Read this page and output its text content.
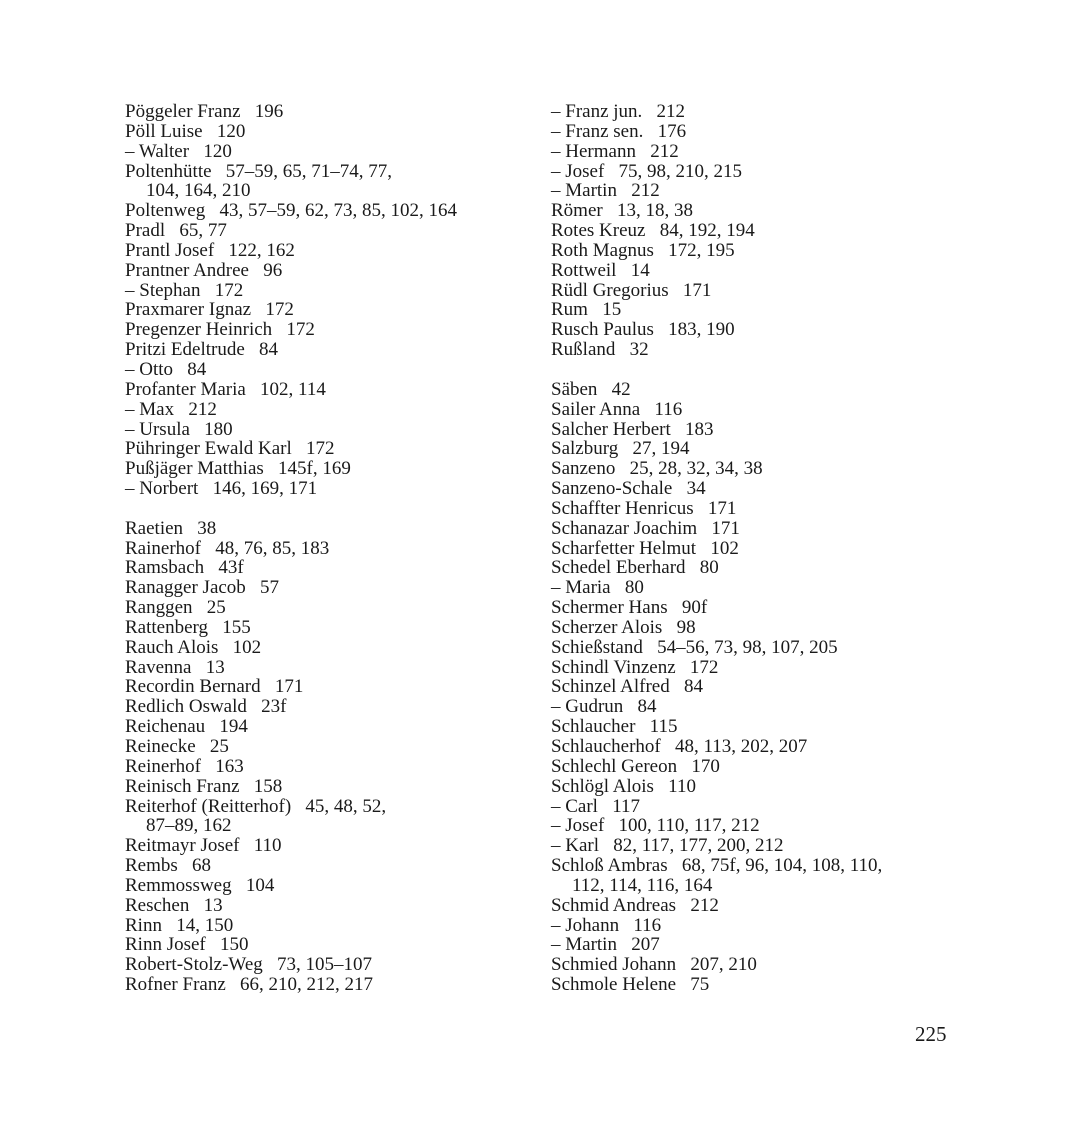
Pöggeler Franz   196
Pöll Luise   120
– Walter   120
Poltenhütte   57–59, 65, 71–74, 77,
104, 164, 210
Poltenweg   43, 57–59, 62, 73, 85, 102, 164
Pradl   65, 77
Prantl Josef   122, 162
Prantner Andree   96
– Stephan   172
Praxmarer Ignaz   172
Pregenzer Heinrich   172
Pritzi Edeltrude   84
– Otto   84
Profanter Maria   102, 114
– Max   212
– Ursula   180
Pühringer Ewald Karl   172
Pußjäger Matthias   145f, 169
– Norbert   146, 169, 171
Raetien   38
Rainerhof   48, 76, 85, 183
Ramsbach   43f
Ranagger Jacob   57
Ranggen   25
Rattenberg   155
Rauch Alois   102
Ravenna   13
Recordin Bernard   171
Redlich Oswald   23f
Reichenau   194
Reinecke   25
Reinerhof   163
Reinisch Franz   158
Reiterhof (Reitterhof)   45, 48, 52,
87–89, 162
Reitmayr Josef   110
Rembs   68
Remmossweg   104
Reschen   13
Rinn   14, 150
Rinn Josef   150
Robert-Stolz-Weg   73, 105–107
Rofner Franz   66, 210, 212, 217
– Franz jun.   212
– Franz sen.   176
– Hermann   212
– Josef   75, 98, 210, 215
– Martin   212
Römer   13, 18, 38
Rotes Kreuz   84, 192, 194
Roth Magnus   172, 195
Rottweil   14
Rüdl Gregorius   171
Rum   15
Rusch Paulus   183, 190
Rußland   32
Säben   42
Sailer Anna   116
Salcher Herbert   183
Salzburg   27, 194
Sanzeno   25, 28, 32, 34, 38
Sanzeno-Schale   34
Schaffter Henricus   171
Schanazar Joachim   171
Scharfetter Helmut   102
Schedel Eberhard   80
– Maria   80
Schermer Hans   90f
Scherzer Alois   98
Schießstand   54–56, 73, 98, 107, 205
Schindl Vinzenz   172
Schinzel Alfred   84
– Gudrun   84
Schlaucher   115
Schlaucherhof   48, 113, 202, 207
Schlechl Gereon   170
Schlögl Alois   110
– Carl   117
– Josef   100, 110, 117, 212
– Karl   82, 117, 177, 200, 212
Schloß Ambras   68, 75f, 96, 104, 108, 110,
112, 114, 116, 164
Schmid Andreas   212
– Johann   116
– Martin   207
Schmied Johann   207, 210
Schmole Helene   75
225
